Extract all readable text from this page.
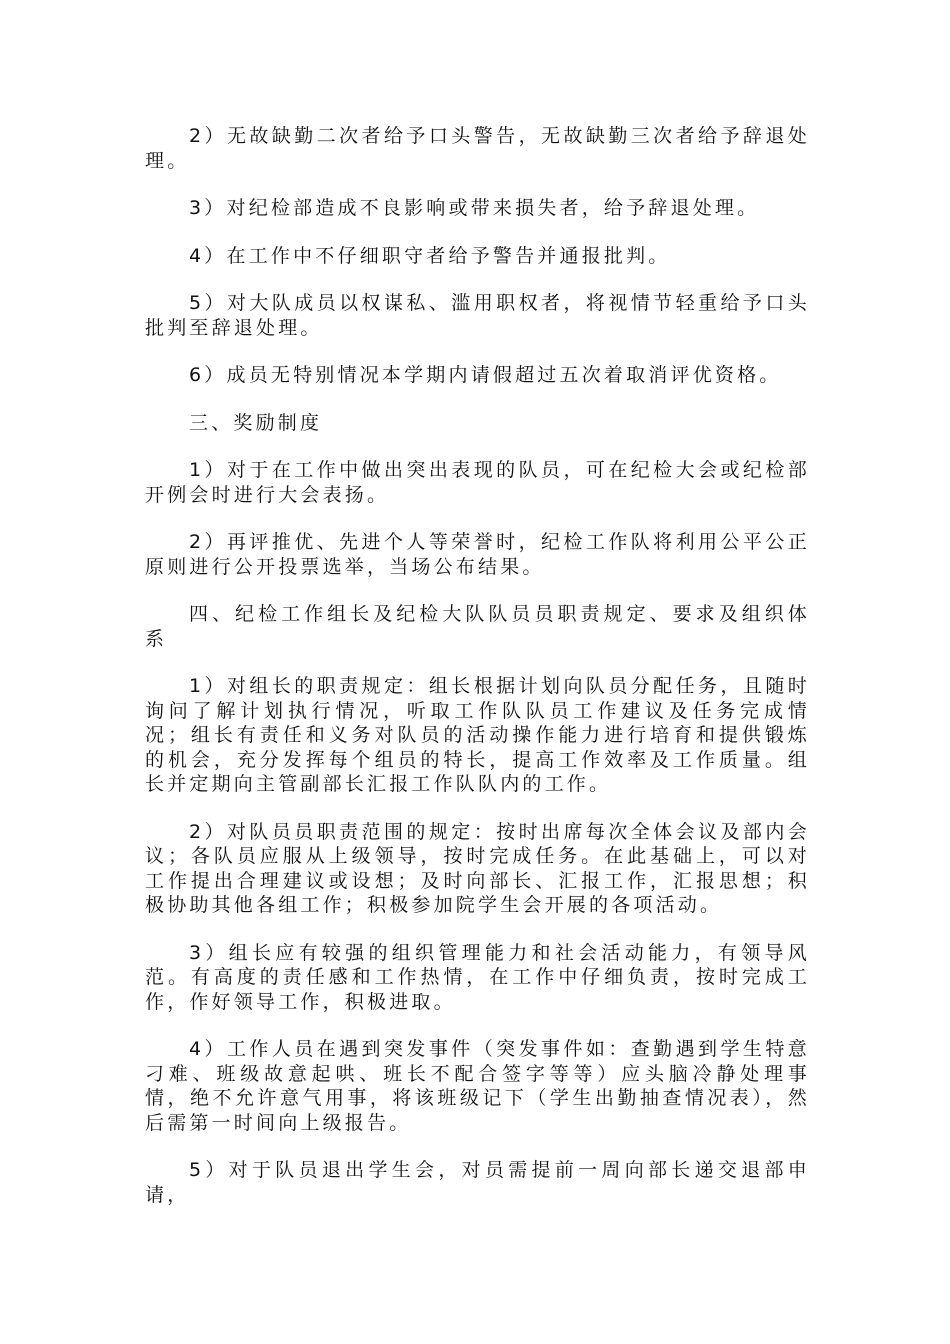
2）无故缺勤二次者给予口头警告，无故缺勤三次者给予辞退处理。

3）对纪检部造成不良影响或带来损失者，给予辞退处理。

4）在工作中不仔细职守者给予警告并通报批判。

5）对大队成员以权谋私、滥用职权者，将视情节轻重给予口头批判至辞退处理。

6）成员无特别情况本学期内请假超过五次着取消评优资格。

三、奖励制度

1）对于在工作中做出突出表现的队员，可在纪检大会或纪检部开例会时进行大会表扬。

2）再评推优、先进个人等荣誉时，纪检工作队将利用公平公正原则进行公开投票选举，当场公布结果。

四、纪检工作组长及纪检大队队员员职责规定、要求及组织体系

1）对组长的职责规定：组长根据计划向队员分配任务，且随时询问了解计划执行情况，听取工作队队员工作建议及任务完成情况；组长有责任和义务对队员的活动操作能力进行培育和提供锻炼的机会，充分发挥每个组员的特长，提高工作效率及工作质量。组长并定期向主管副部长汇报工作队队内的工作。

2）对队员员职责范围的规定：按时出席每次全体会议及部内会议；各队员应服从上级领导，按时完成任务。在此基础上，可以对工作提出合理建议或设想；及时向部长、汇报工作，汇报思想；积极协助其他各组工作；积极参加院学生会开展的各项活动。

3）组长应有较强的组织管理能力和社会活动能力，有领导风范。有高度的责任感和工作热情，在工作中仔细负责，按时完成工作，作好领导工作，积极进取。

4）工作人员在遇到突发事件（突发事件如：查勤遇到学生特意刁难、班级故意起哄、班长不配合签字等等）应头脑冷静处理事情，绝不允许意气用事，将该班级记下（学生出勤抽查情况表），然后需第一时间向上级报告。

5）对于队员退出学生会，对员需提前一周向部长递交退部申请，
